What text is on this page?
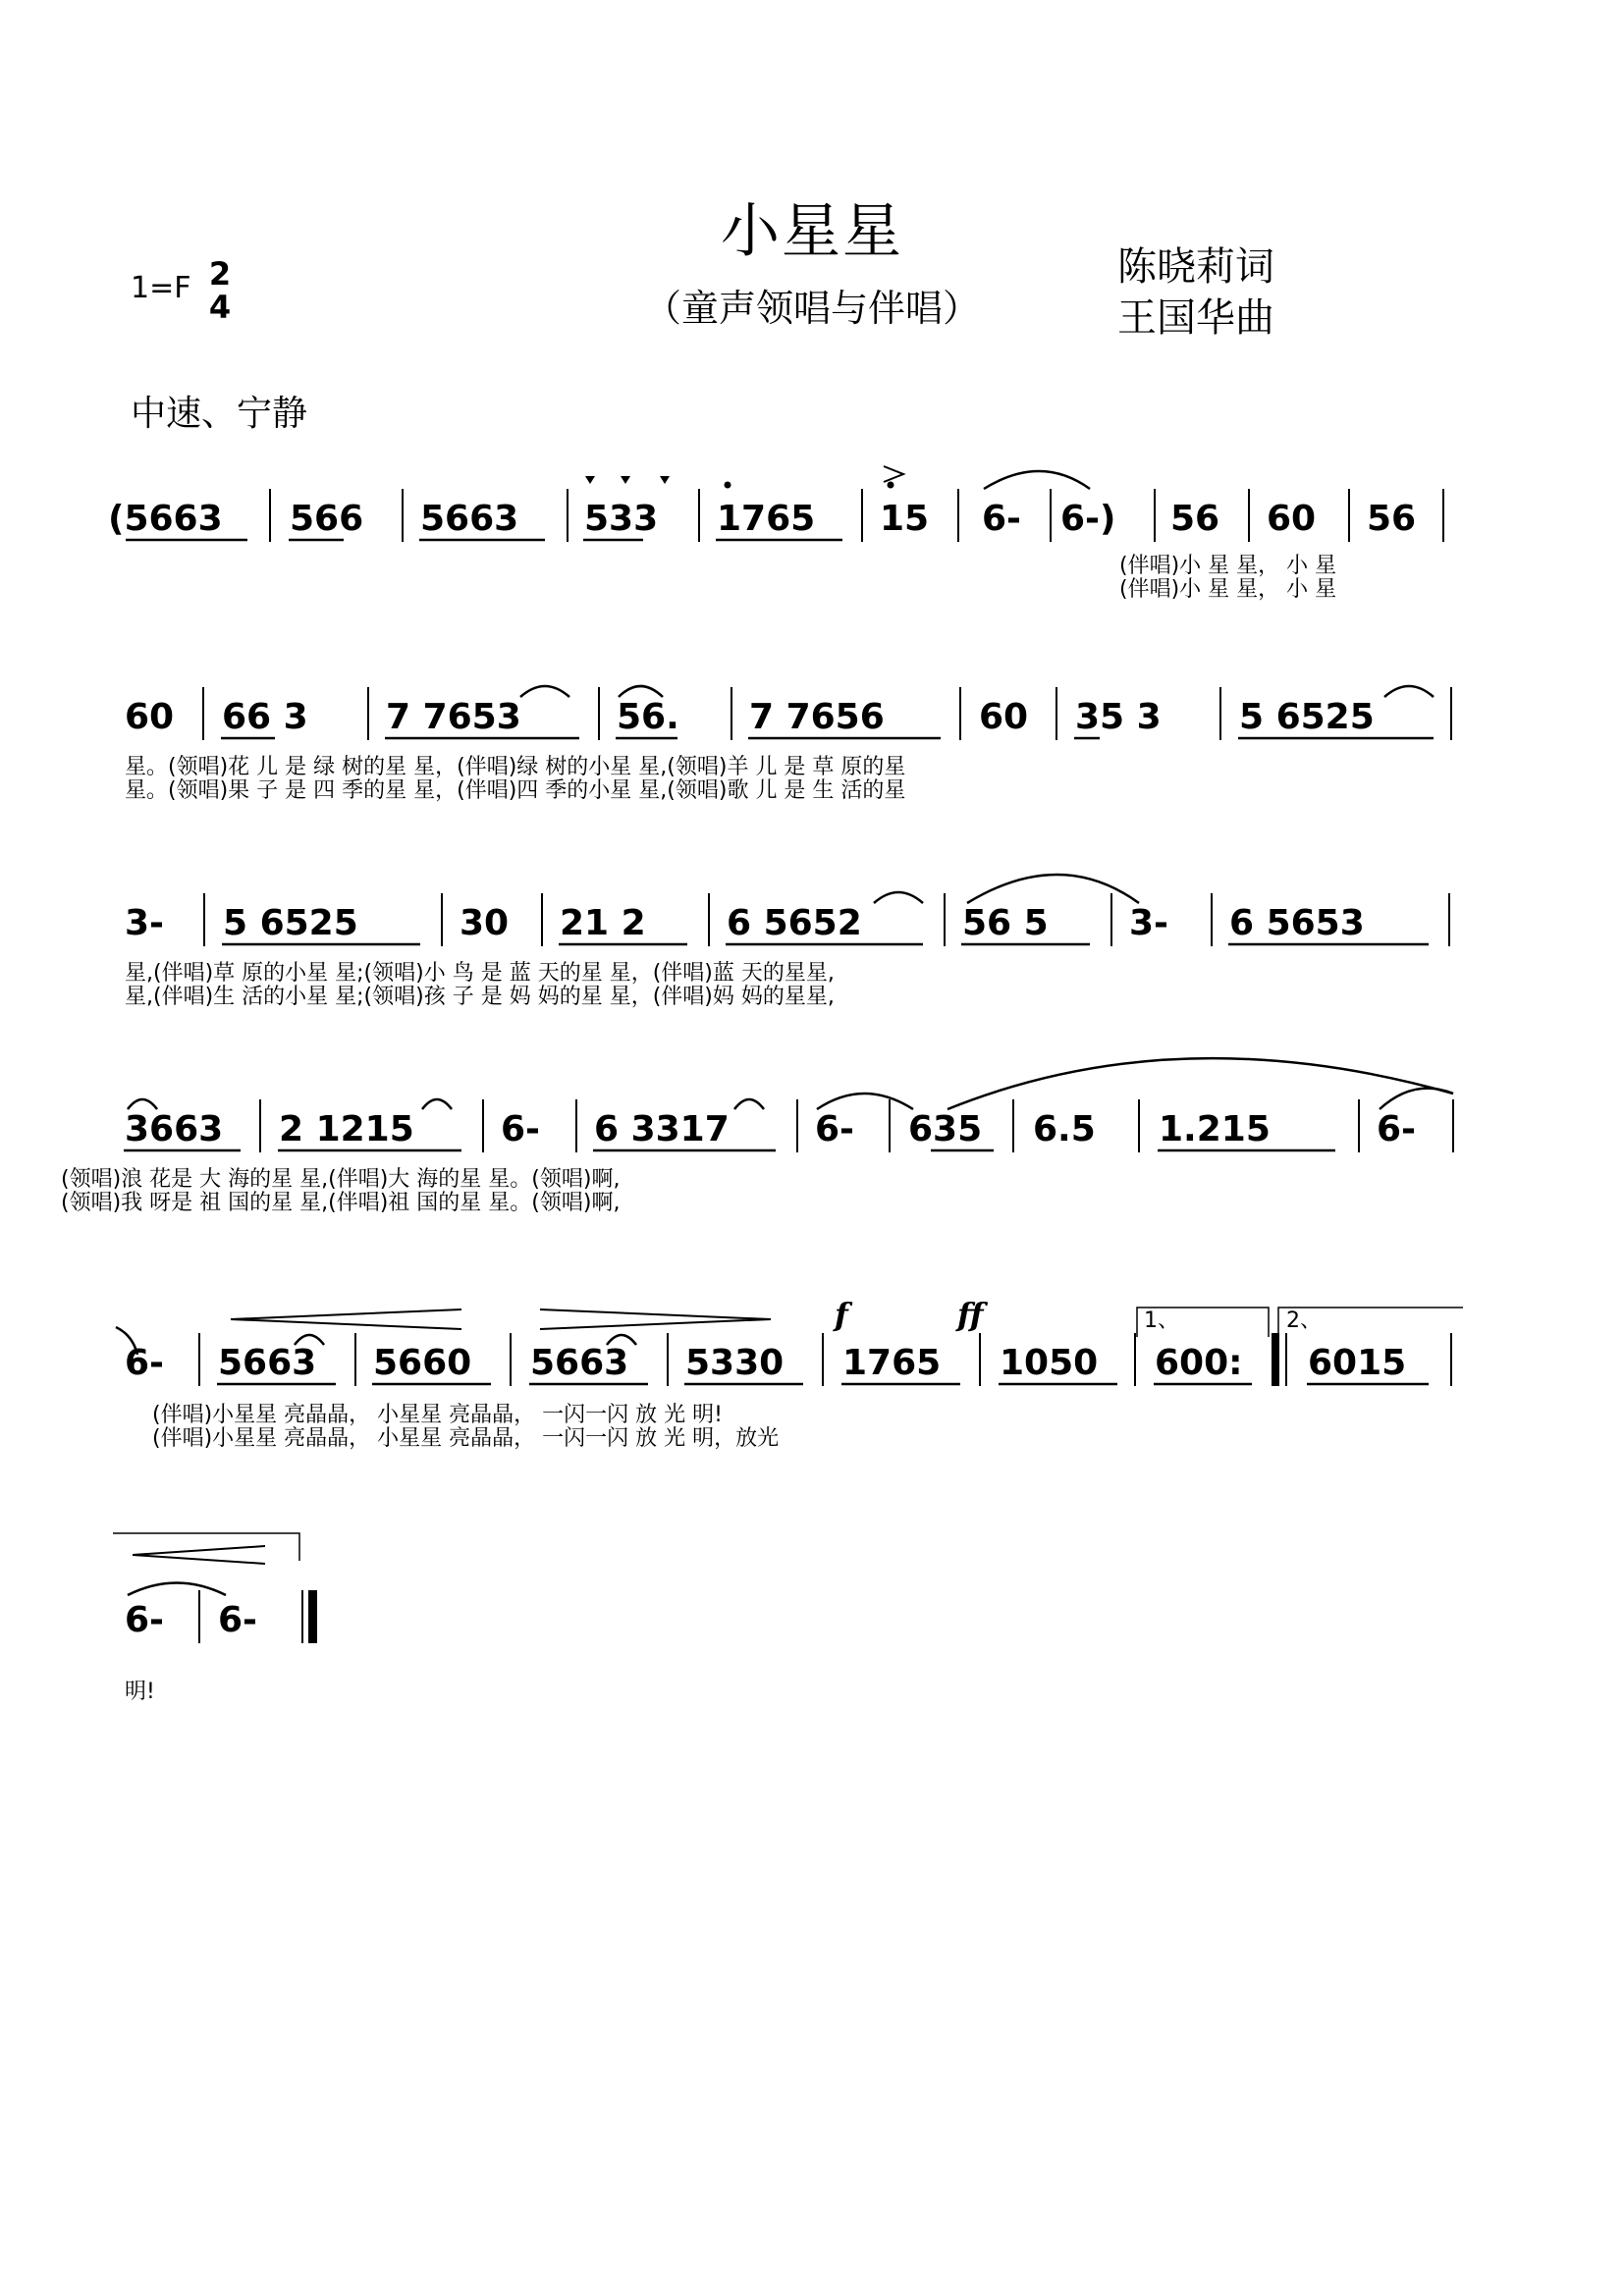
小星星
（童声领唱与伴唱）
陈晓莉词
王国华曲
1=F 2
4
中速、宁静
(5663 566 5663 533 1765 15 6- 6-) 56 60 56
(伴唱)小 星 星， 小 星
(伴唱)小 星 星， 小 星
60 66 3 7 7653	56. 7 7656	60 35 3 5 6525
星。(领唱)花 儿 是 绿 树的星 星，(伴唱)绿 树的小星 星,(领唱)羊 儿 是 草 原的星
星。(领唱)果 子 是 四 季的星 星，(伴唱)四 季的小星 星,(领唱)歌 儿 是 生 活的星
3- 5 6525	30 21 2 6 5652	56 5 3- 6 5653
星,(伴唱)草 原的小星 星;(领唱)小 鸟 是 蓝 天的星 星，(伴唱)蓝 天的星星,
星,(伴唱)生 活的小星 星;(领唱)孩 子 是 妈 妈的星 星，(伴唱)妈 妈的星星,
3663 2 1215 6- 6 3317 6- 635 6.5 1.215	6-
(领唱)浪 花是 大 海的星 星,(伴唱)大 海的星 星。(领唱)啊,
(领唱)我 呀是 祖 国的星 星,(伴唱)祖 国的星 星。(领唱)啊,
f	ff	1、	2、
6- 5663 5660 5663 5330 1765 1050 600: 6015
(伴唱)小星星 亮晶晶， 小星星 亮晶晶， 一闪一闪 放 光 明!
(伴唱)小星星 亮晶晶， 小星星 亮晶晶， 一闪一闪 放 光 明，放光
6- 6-
明!
